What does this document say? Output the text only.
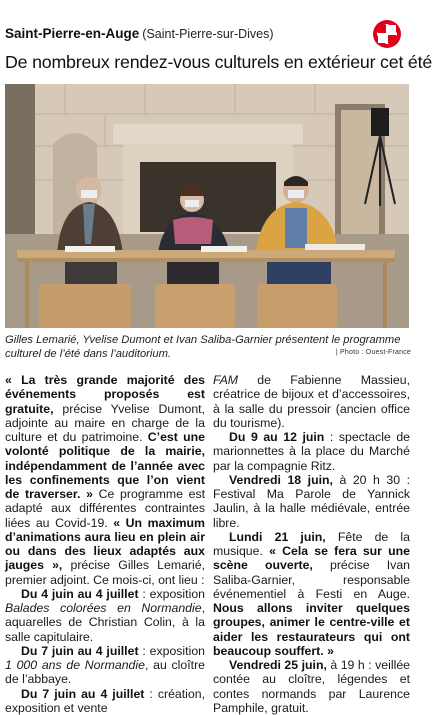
Saint-Pierre-en-Auge (Saint-Pierre-sur-Dives)
De nombreux rendez-vous culturels en extérieur cet été
Gilles Lemarié, Yvelise Dumont et Ivan Saliba-Garnier présentent le programme culturel de l’été dans l’auditorium.	| Photo : Ouest-France

« La très grande majorité des événements proposés est gratuite, précise Yvelise Dumont, adjointe au maire en charge de la culture et du patrimoine. C’est une volonté politique de la mairie, indépendamment de l’année avec les confinements que l’on vient de traverser. » Ce programme est adapté aux différentes contraintes liées au Covid-19. « Un maximum d’animations aura lieu en plein air ou dans des lieux adaptés aux jauges », précise Gilles Lemarié, premier adjoint. Ce mois-ci, ont lieu :

Du 4 juin au 4 juillet : exposition Balades colorées en Normandie, aquarelles de Christian Colin, à la salle capitulaire.

Du 7 juin au 4 juillet : exposition 1 000 ans de Normandie, au cloître de l’abbaye.

Du 7 juin au 4 juillet : création, exposition et vente

FAM de Fabienne Massieu, créatrice de bijoux et d’accessoires, à la salle du pressoir (ancien office du tourisme).

Du 9 au 12 juin : spectacle de marionnettes à la place du Marché par la compagnie Ritz.

Vendredi 18 juin, à 20 h 30 : Festival Ma Parole de Yannick Jaulin, à la halle médiévale, entrée libre.

Lundi 21 juin, Fête de la musique. « Cela se fera sur une scène ouverte, précise Ivan Saliba-Garnier, responsable événementiel à Festi en Auge. Nous allons inviter quelques groupes, animer le centre-ville et aider les restaurateurs qui ont beaucoup souffert. »

Vendredi 25 juin, à 19 h : veillée contée au cloître, légendes et contes normands par Laurence Pamphile, gratuit.
